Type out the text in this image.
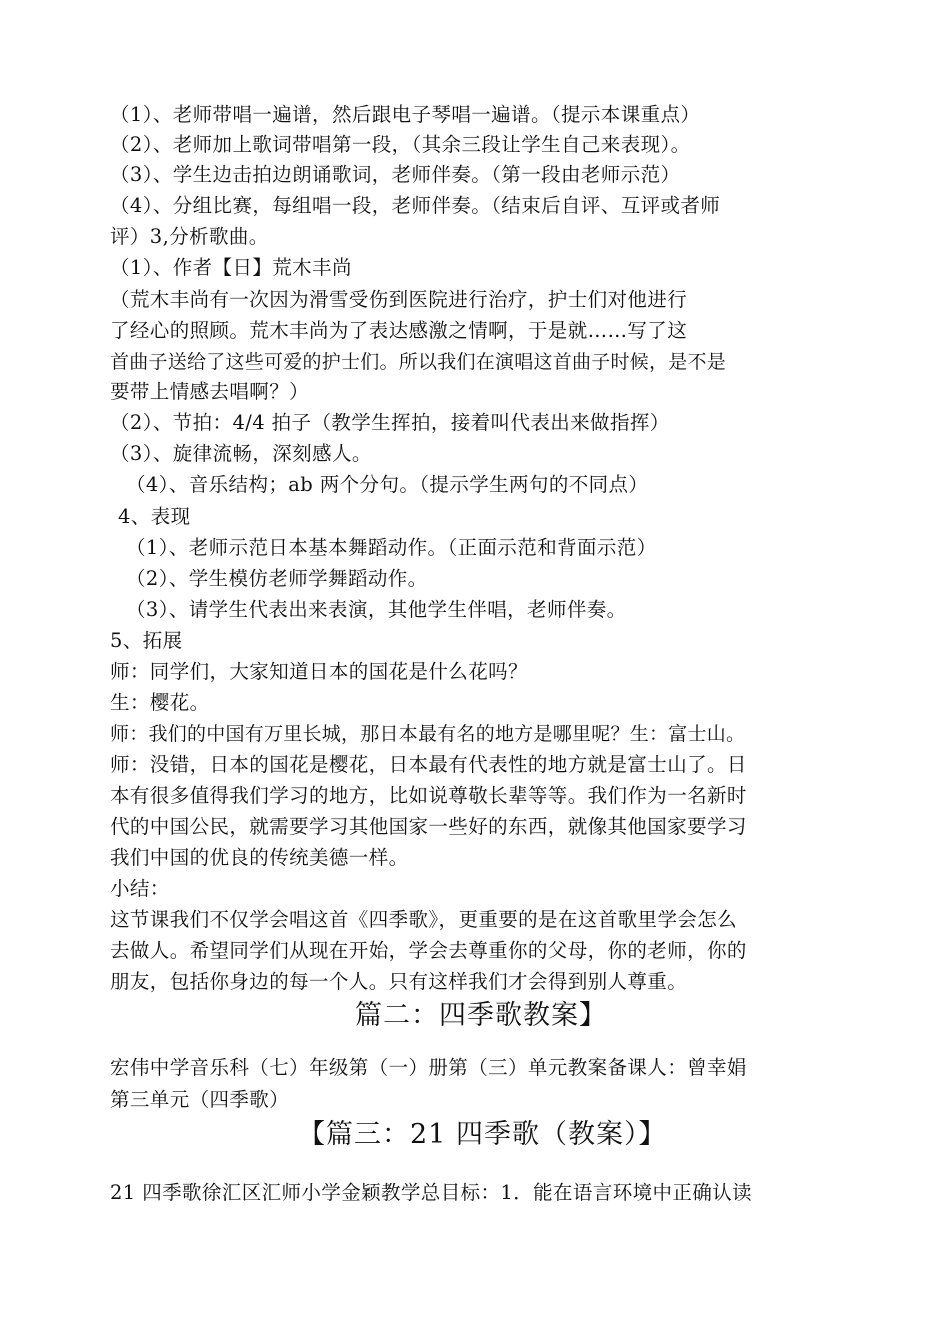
（1）、老师带唱一遍谱，然后跟电子琴唱一遍谱。（提示本课重点）
（2）、老师加上歌词带唱第一段，（其余三段让学生自己来表现）。
（3）、学生边击拍边朗诵歌词，老师伴奏。（第一段由老师示范）
（4）、分组比赛，每组唱一段，老师伴奏。（结束后自评、互评或者师
评）3,分析歌曲。
（1）、作者【日】荒木丰尚
（荒木丰尚有一次因为滑雪受伤到医院进行治疗，护士们对他进行
了经心的照顾。荒木丰尚为了表达感激之情啊，于是就……写了这
首曲子送给了这些可爱的护士们。所以我们在演唱这首曲子时候，是不是
要带上情感去唱啊？）
（2）、节拍：4/4 拍子（教学生挥拍，接着叫代表出来做指挥）
（3）、旋律流畅，深刻感人。
（4）、音乐结构；ab 两个分句。（提示学生两句的不同点）
4、表现
（1）、老师示范日本基本舞蹈动作。（正面示范和背面示范）
（2）、学生模仿老师学舞蹈动作。
（3）、请学生代表出来表演，其他学生伴唱，老师伴奏。
5、拓展
师：同学们，大家知道日本的国花是什么花吗？
生：樱花。
师：我们的中国有万里长城，那日本最有名的地方是哪里呢？生：富士山。
师：没错，日本的国花是樱花，日本最有代表性的地方就是富士山了。日
本有很多值得我们学习的地方，比如说尊敬长辈等等。我们作为一名新时
代的中国公民，就需要学习其他国家一些好的东西，就像其他国家要学习
我们中国的优良的传统美德一样。
小结：
这节课我们不仅学会唱这首《四季歌》，更重要的是在这首歌里学会怎么
去做人。希望同学们从现在开始，学会去尊重你的父母，你的老师，你的
朋友，包括你身边的每一个人。只有这样我们才会得到别人尊重。
篇二：四季歌教案】
宏伟中学音乐科（七）年级第（一）册第（三）单元教案备课人：曾幸娟
第三单元（四季歌）
【篇三：21 四季歌（教案）】
21 四季歌徐汇区汇师小学金颖教学总目标：1．能在语言环境中正确认读
